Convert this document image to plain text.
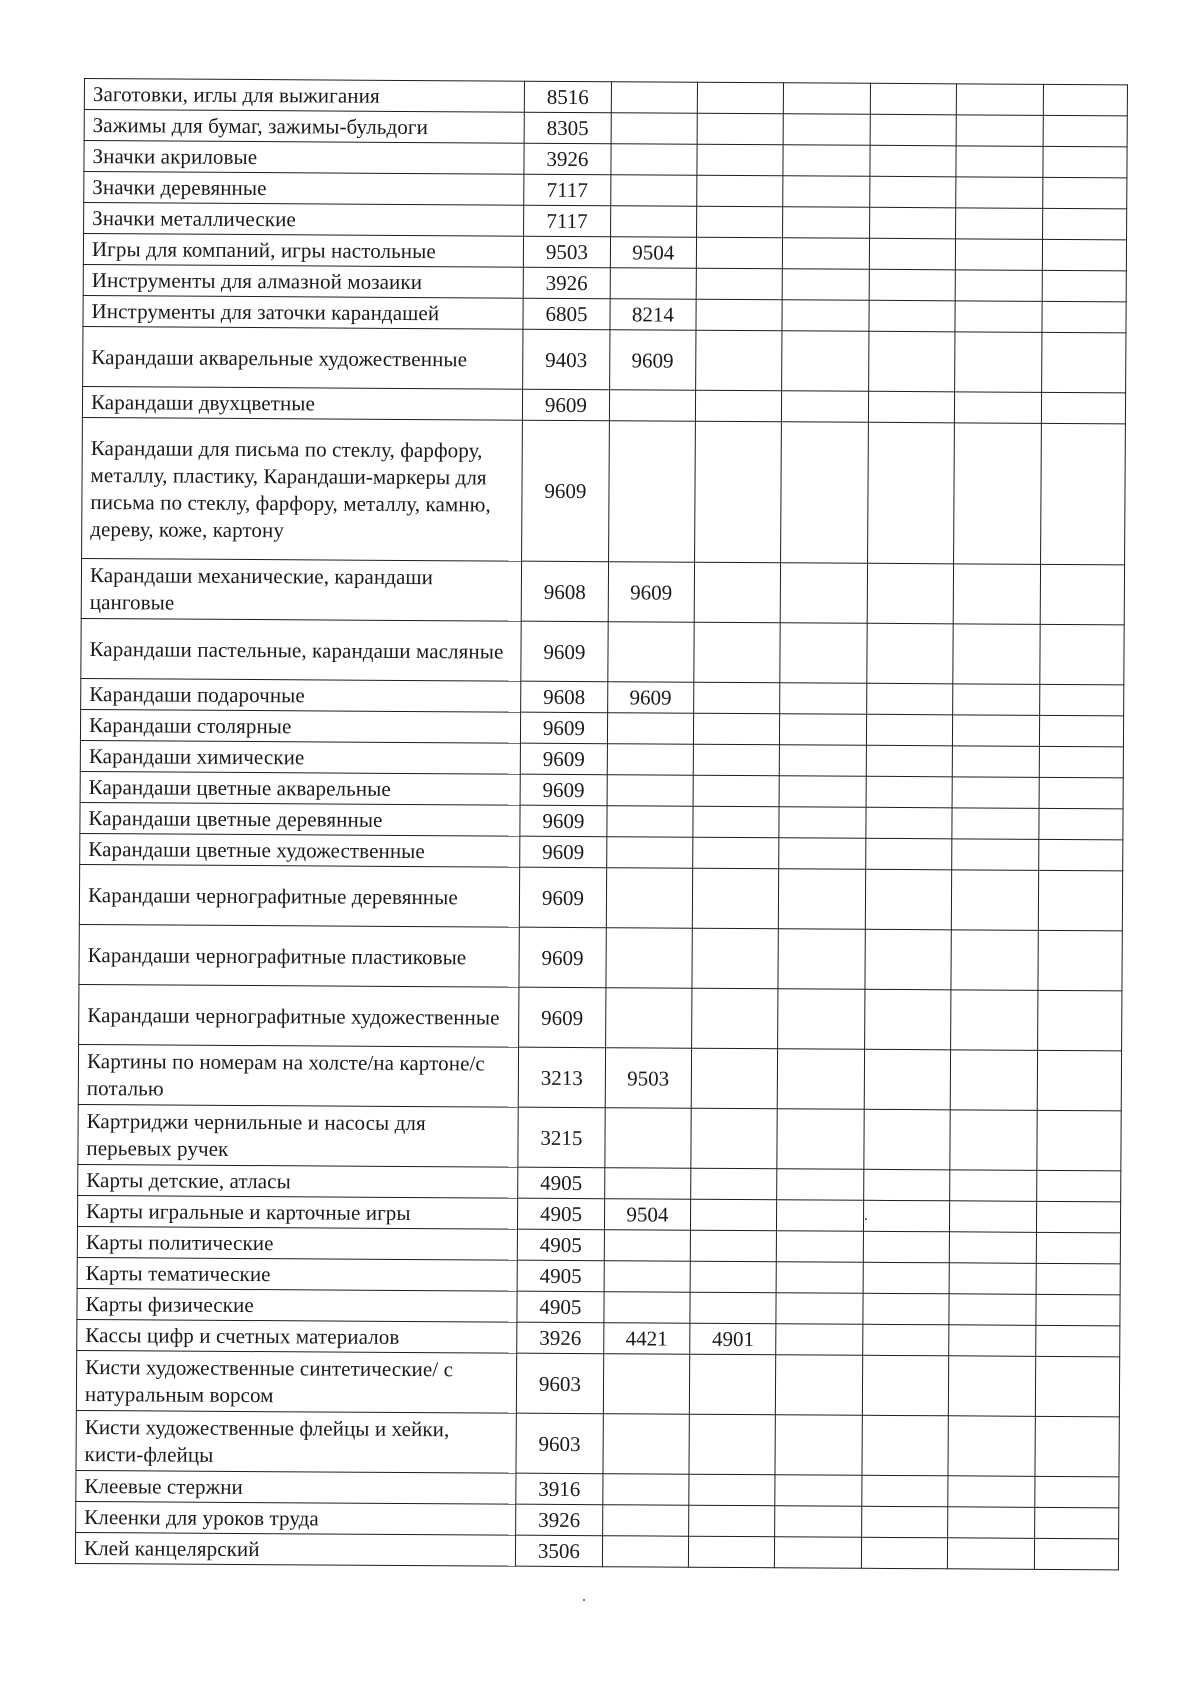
Заготовки, иглы для выжигания	8516						
Зажимы для бумаг, зажимы-бульдоги	8305						
Значки акриловые	3926						
Значки деревянные	7117						
Значки металлические	7117						
Игры для компаний, игры настольные	9503	9504					
Инструменты для алмазной мозаики	3926						
Инструменты для заточки карандашей	6805	8214					
Карандаши акварельные художественные	9403	9609					
Карандаши двухцветные	9609						
Карандаши для письма по стеклу, фарфору, металлу, пластику, Карандаши-маркеры для письма по стеклу, фарфору, металлу, камню, дереву, коже, картону	9609						
Карандаши механические, карандаши цанговые	9608	9609					
Карандаши пастельные, карандаши масляные	9609						
Карандаши подарочные	9608	9609					
Карандаши столярные	9609						
Карандаши химические	9609						
Карандаши цветные акварельные	9609						
Карандаши цветные деревянные	9609						
Карандаши цветные художественные	9609						
Карандаши чернографитные деревянные	9609						
Карандаши чернографитные пластиковые	9609						
Карандаши чернографитные художественные	9609						
Картины по номерам на холсте/на картоне/с поталью	3213	9503					
Картриджи чернильные и насосы для перьевых ручек	3215						
Карты детские, атласы	4905						
Карты игральные и карточные игры	4905	9504					
Карты политические	4905						
Карты тематические	4905						
Карты физические	4905						
Кассы цифр и счетных материалов	3926	4421	4901				
Кисти художественные синтетические/ с натуральным ворсом	9603						
Кисти художественные флейцы и хейки, кисти-флейцы	9603						
Клеевые стержни	3916						
Клеенки для уроков труда	3926						
Клей канцелярский	3506						
